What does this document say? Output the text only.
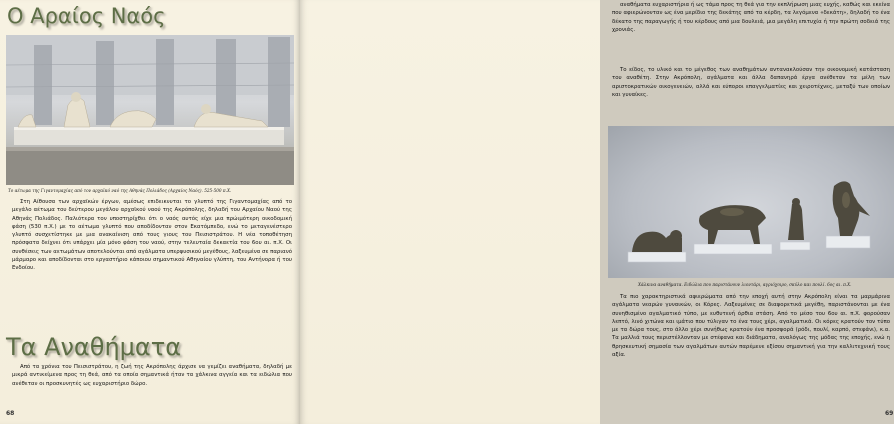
Ο Αραίος Ναός

Το αέτωμα της Γιγαντομαχίας από τον αρχαϊκό ναό της Αθηνάς Πολιάδος (Αρχαίος Ναός). 525-500 π.Χ.

Στη Αίθουσα των αρχαϊκών έργων, αμέσως επιδεικνυται το γλυπτό της Γιγαντομαχίας από το μεγάλο αέτωμα του δεύτερου μεγάλου αρχαϊκού ναού της Ακρόπολης, δηλαδή του Αρχαίου Ναού της Αθηνάς Πολιάδος. Παλιότερα τον υποστηρίχθει ότι ο ναός αυτός είχε μια πρώιμότερη οικοδομική φάση (530 π.Χ.) με το αέτωμα γλυπτό που αποδίδονταν στον Εκατόμπεδο, ενώ το μεταγενέστερο γλυπτό συσχετίστηκε με μια ανακαίνιση από τους γιους του Πεισιστράτου. Η νέα τοποθέτηση πρόσφατα δείχνει ότι υπάρχει μία μόνο φάση του ναού, στην τελευταία δεκαετία του 6ου αι. π.Χ. Οι συνθέσεις των αετωμάτων αποτελούνται από αγάλματα υπερφυσικού μεγέθους, λαξευμένα σε παριανό μάρμαρο και αποδίδονται στο εργαστήριο κάποιου σημαντικού Αθηναίου γλύπτη, του Αντήνορα ή του Ενδοίου.

Τα Αναθήματα

Από τα χρόνια του Πεισιστράτου, η ζωή της Ακρόπολης άρχισε να γεμίζει αναθήματα, δηλαδή με μικρά αντικείμενα προς τη θεά, από τα οποία σημαντικά ήταν τα χάλκινα αγγεία και τα ειδώλια που ανέθεταν οι προσκυνητές ως ευχαριστήριο δώρο.

68

αναθήματα ευχαριστήρια ή ως τάμα προς τη θεά για την εκπλήρωση μιας ευχής, καθώς και εκείνα που αφιερώνονταν ως ένα μερίδιο της δεκάτης από τα κέρδη, τα λεγόμενα «δεκάτη», δηλαδή το ένα δέκατο της παραγωγής ή του κέρδους από μια δουλειά, μια μεγάλη επιτυχία ή την πρώτη σοδειά της χρονιάς.

Το είδος, το υλικό και το μέγεθος των αναθημάτων αντανακλούσαν την οικονομική κατάσταση του αναθέτη. Στην Ακρόπολη, αγάλματα και άλλα δαπανηρά έργα ανέθεταν τα μέλη των αριστοκρατικών οικογενειών, αλλά και εύποροι επαγγελματίες και χειροτέχνες, μεταξύ των οποίων και γυναίκες.

Χάλκινα αναθήματα. Ειδώλια που παριστάνουν λιοντάρι, αγριόχοιρο, σκύλο και πουλί. 6ος αι. π.Χ.

Τα πιο χαρακτηριστικά αφιερώματα από την εποχή αυτή στην Ακρόπολη είναι τα μαρμάρινα αγάλματα νεαρών γυναικών, οι Κόρες. Λαξευμένες σε διαφορετικά μεγέθη, παριστάνονται με ένα συνηθισμένο αγαλματικό τύπο, με ευθυτενή όρθια στάση. Από το μέσο του 6ου αι. π.Χ. φορούσαν λεπτό, λινό χιτώνα και ιμάτιο που τύλιγαν το ένα τους χέρι, αγαλματικά. Οι κόρες κρατούν τον τύπο με τα δώρα τους, στο άλλο χέρι συνήθως κρατούν ένα προσφορά (ρόδι, πουλί, καρπό, στεφάνι), κ.α. Τα μαλλιά τους περιστέλλονταν με στέφανα και διάδηματα, αναλόγως της μόδας της εποχής, ενώ η θρησκευτική σημασία των αγαλμάτων αυτών παρέμενε εξίσου σημαντική για την καλλιτεχνική τους αξία.

69
